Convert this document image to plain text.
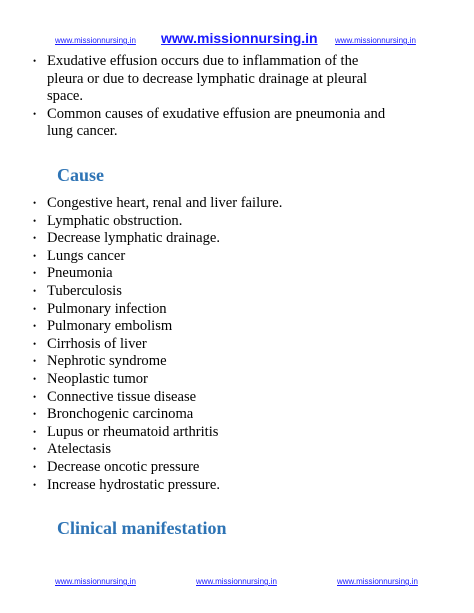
www.missionnursing.in www.missionnursing.in www.missionnursing.in
• Exudative effusion occurs due to inflammation of the pleura or due to decrease lymphatic drainage at pleural space.
• Common causes of exudative effusion are pneumonia and lung cancer.
Cause
• Congestive heart, renal and liver failure.
• Lymphatic obstruction.
• Decrease lymphatic drainage.
• Lungs cancer
• Pneumonia
• Tuberculosis
• Pulmonary infection
• Pulmonary embolism
• Cirrhosis of liver
• Nephrotic syndrome
• Neoplastic tumor
• Connective tissue disease
• Bronchogenic carcinoma
• Lupus or rheumatoid arthritis
• Atelectasis
• Decrease oncotic pressure
• Increase hydrostatic pressure.
Clinical manifestation
www.missionnursing.in	www.missionnursing.in	www.missionnursing.in
